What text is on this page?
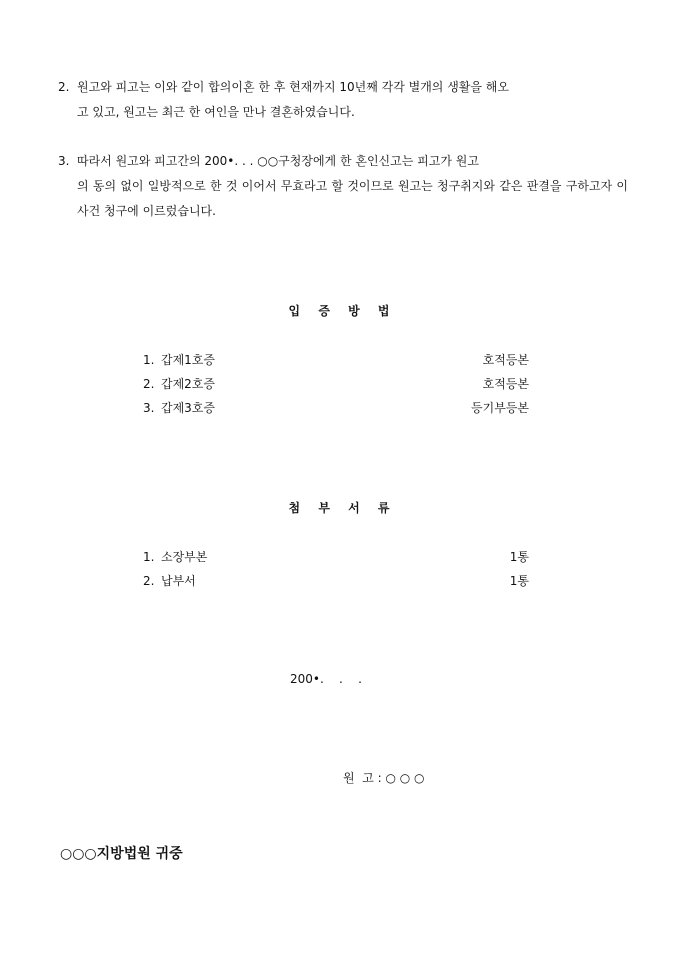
2. 원고와 피고는 이와 같이 합의이혼 한 후 현재까지 10년째 각각 별개의 생활을 해오
고 있고, 원고는 최근 한 여인을 만나 결혼하였습니다.
3. 따라서 원고와 피고간의 200•. . . ○○구청장에게 한 혼인신고는 피고가 원고
의 동의 없이 일방적으로 한 것 이어서 무효라고 할 것이므로 원고는 청구취지와 같은 판결을 구하고자 이 사건 청구에 이르렀습니다.
입 증 방 법
1. 갑제1호증	호적등본
2. 갑제2호증	호적등본
3. 갑제3호증	등기부등본
첨 부 서 류
1. 소장부본	1통
2. 납부서	1통
200•.    .    .
원  고 : ○ ○ ○
○○○지방법원 귀중
